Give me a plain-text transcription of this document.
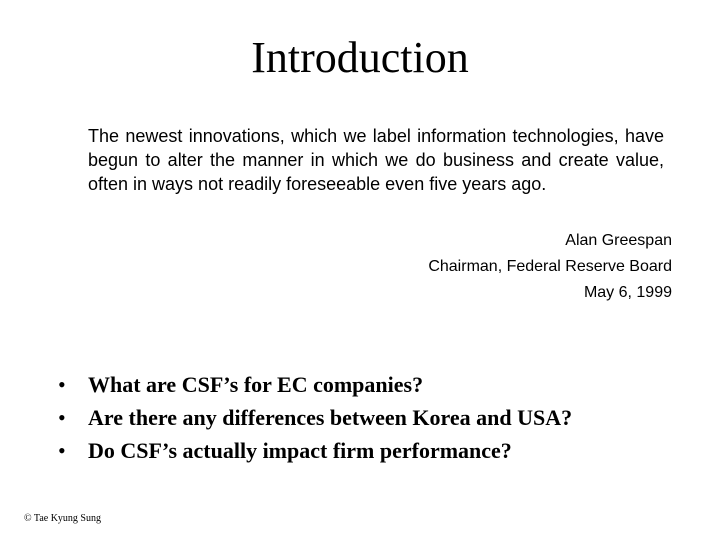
Introduction
The newest innovations, which we label information technologies, have begun to alter the manner in which we do business and create value, often in ways not readily foreseeable even five years ago.
Alan Greespan
Chairman, Federal Reserve Board
May 6, 1999
• What are CSF’s for EC companies?
• Are there any differences between Korea and USA?
• Do CSF’s actually impact firm performance?
© Tae Kyung Sung
